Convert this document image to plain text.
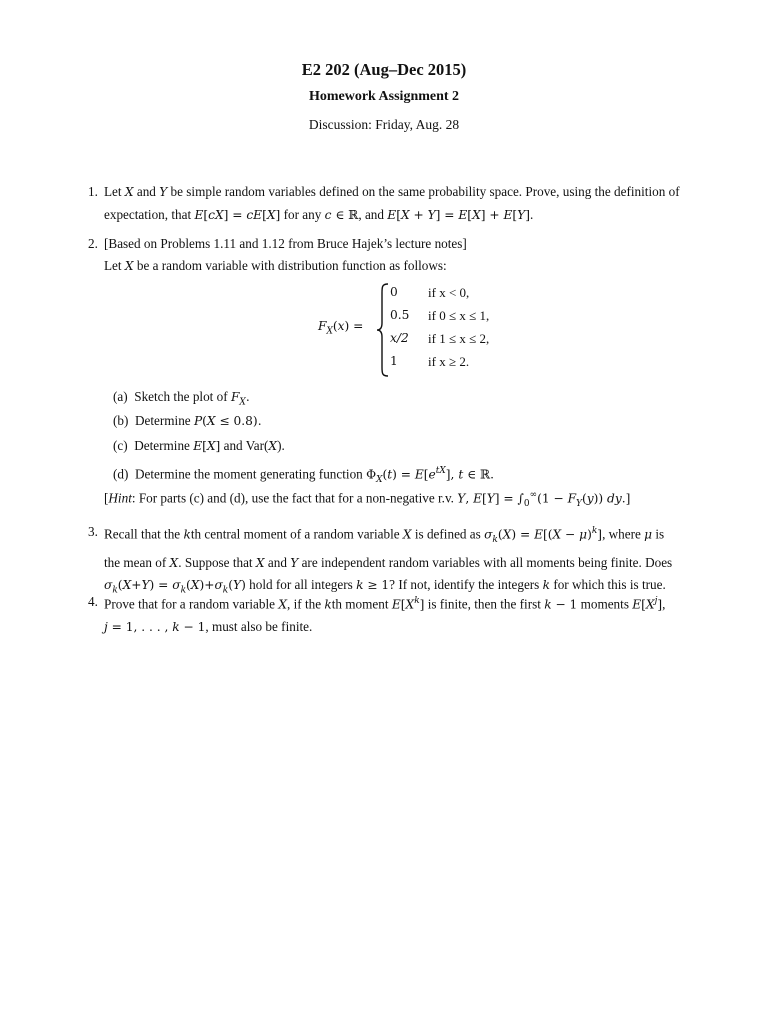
E2 202 (Aug–Dec 2015)
Homework Assignment 2
Discussion: Friday, Aug. 28
1. Let X and Y be simple random variables defined on the same probability space. Prove, using the definition of
expectation, that E[cX] = cE[X] for any c ∈ ℝ, and E[X + Y] = E[X] + E[Y].
2. [Based on Problems 1.11 and 1.12 from Bruce Hajek’s lecture notes]
Let X be a random variable with distribution function as follows:
$F_X(x)$ =
0 if x < 0,
0.5 if 0 ≤ x ≤ 1,
x/2 if 1 ≤ x ≤ 2,
1 if x ≥ 2.
(a) Sketch the plot of $F_X$.
(b) Determine P(X ≤ 0.8).
(c) Determine E[X] and Var(X).
(d) Determine the moment generating function $\Phi_X(t) = E[e^{tX}]$, t ∈ ℝ.
[Hint: For parts (c) and (d), use the fact that for a non-negative r.v. Y, $E[Y] = \int_0^\infty(1 - F_Y(y))$ dy.]
3. Recall that the kth central moment of a random variable X is defined as $\sigma_k(X) = E[(X - \mu)^k]$, where μ is
the mean of X. Suppose that X and Y are independent random variables with all moments being finite. Does
$\sigma_k(X+Y) = \sigma_k(X)+\sigma_k(Y)$ hold for all integers k ≥ 1? If not, identify the integers k for which this is true.
4. Prove that for a random variable X, if the kth moment $E[X^k]$ is finite, then the first k − 1 moments $E[X^j]$,
j = 1, . . . , k − 1, must also be finite.
